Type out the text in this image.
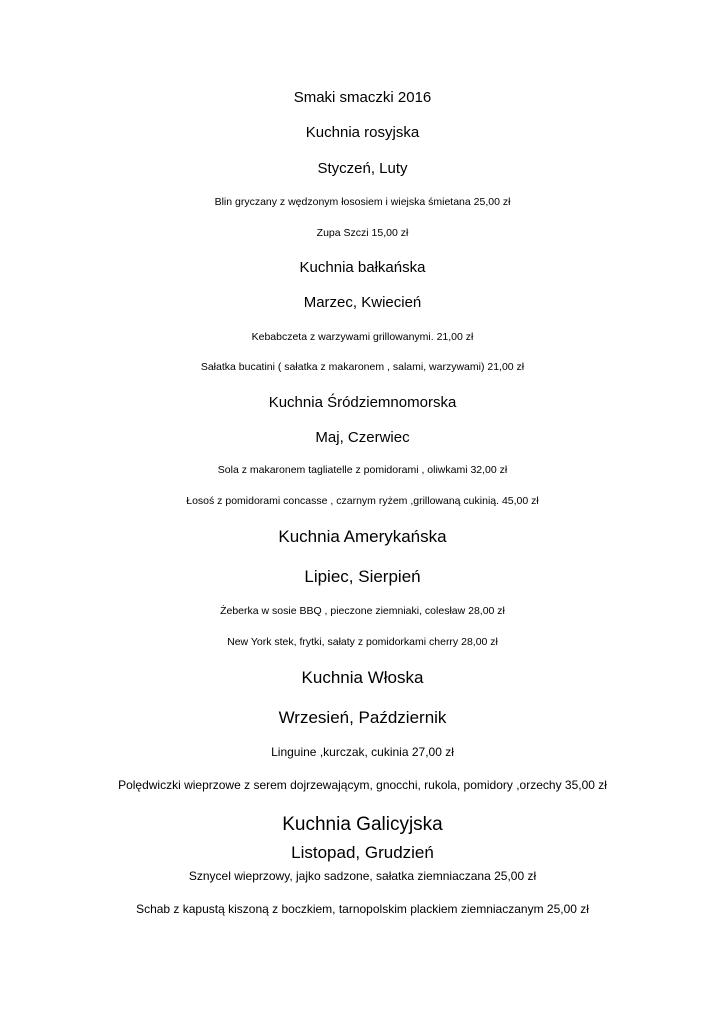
Smaki smaczki 2016

Kuchnia rosyjska

Styczeń, Luty

Blin gryczany z wędzonym łososiem i wiejska śmietana 25,00 zł

Zupa Szczi 15,00 zł

Kuchnia bałkańska

Marzec, Kwiecień

Kebabczeta z warzywami grillowanymi. 21,00 zł

Sałatka bucatini ( sałatka z makaronem , salami, warzywami) 21,00 zł

Kuchnia Śródziemnomorska

Maj, Czerwiec

Sola z makaronem tagliatelle z pomidorami , oliwkami 32,00 zł

Łosoś z pomidorami concasse , czarnym ryżem ,grillowaną cukinią. 45,00 zł

Kuchnia Amerykańska

Lipiec, Sierpień

Żeberka w sosie BBQ , pieczone ziemniaki, colesław 28,00 zł

New York stek, frytki, sałaty z pomidorkami cherry 28,00 zł

Kuchnia Włoska

Wrzesień, Październik

Linguine ,kurczak, cukinia 27,00 zł

Polędwiczki wieprzowe z serem dojrzewającym, gnocchi, rukola, pomidory ,orzechy 35,00 zł

Kuchnia Galicyjska

Listopad, Grudzień

Sznycel wieprzowy, jajko sadzone, sałatka ziemniaczana 25,00 zł

Schab z kapustą kiszoną z boczkiem, tarnopolskim plackiem ziemniaczanym 25,00 zł
